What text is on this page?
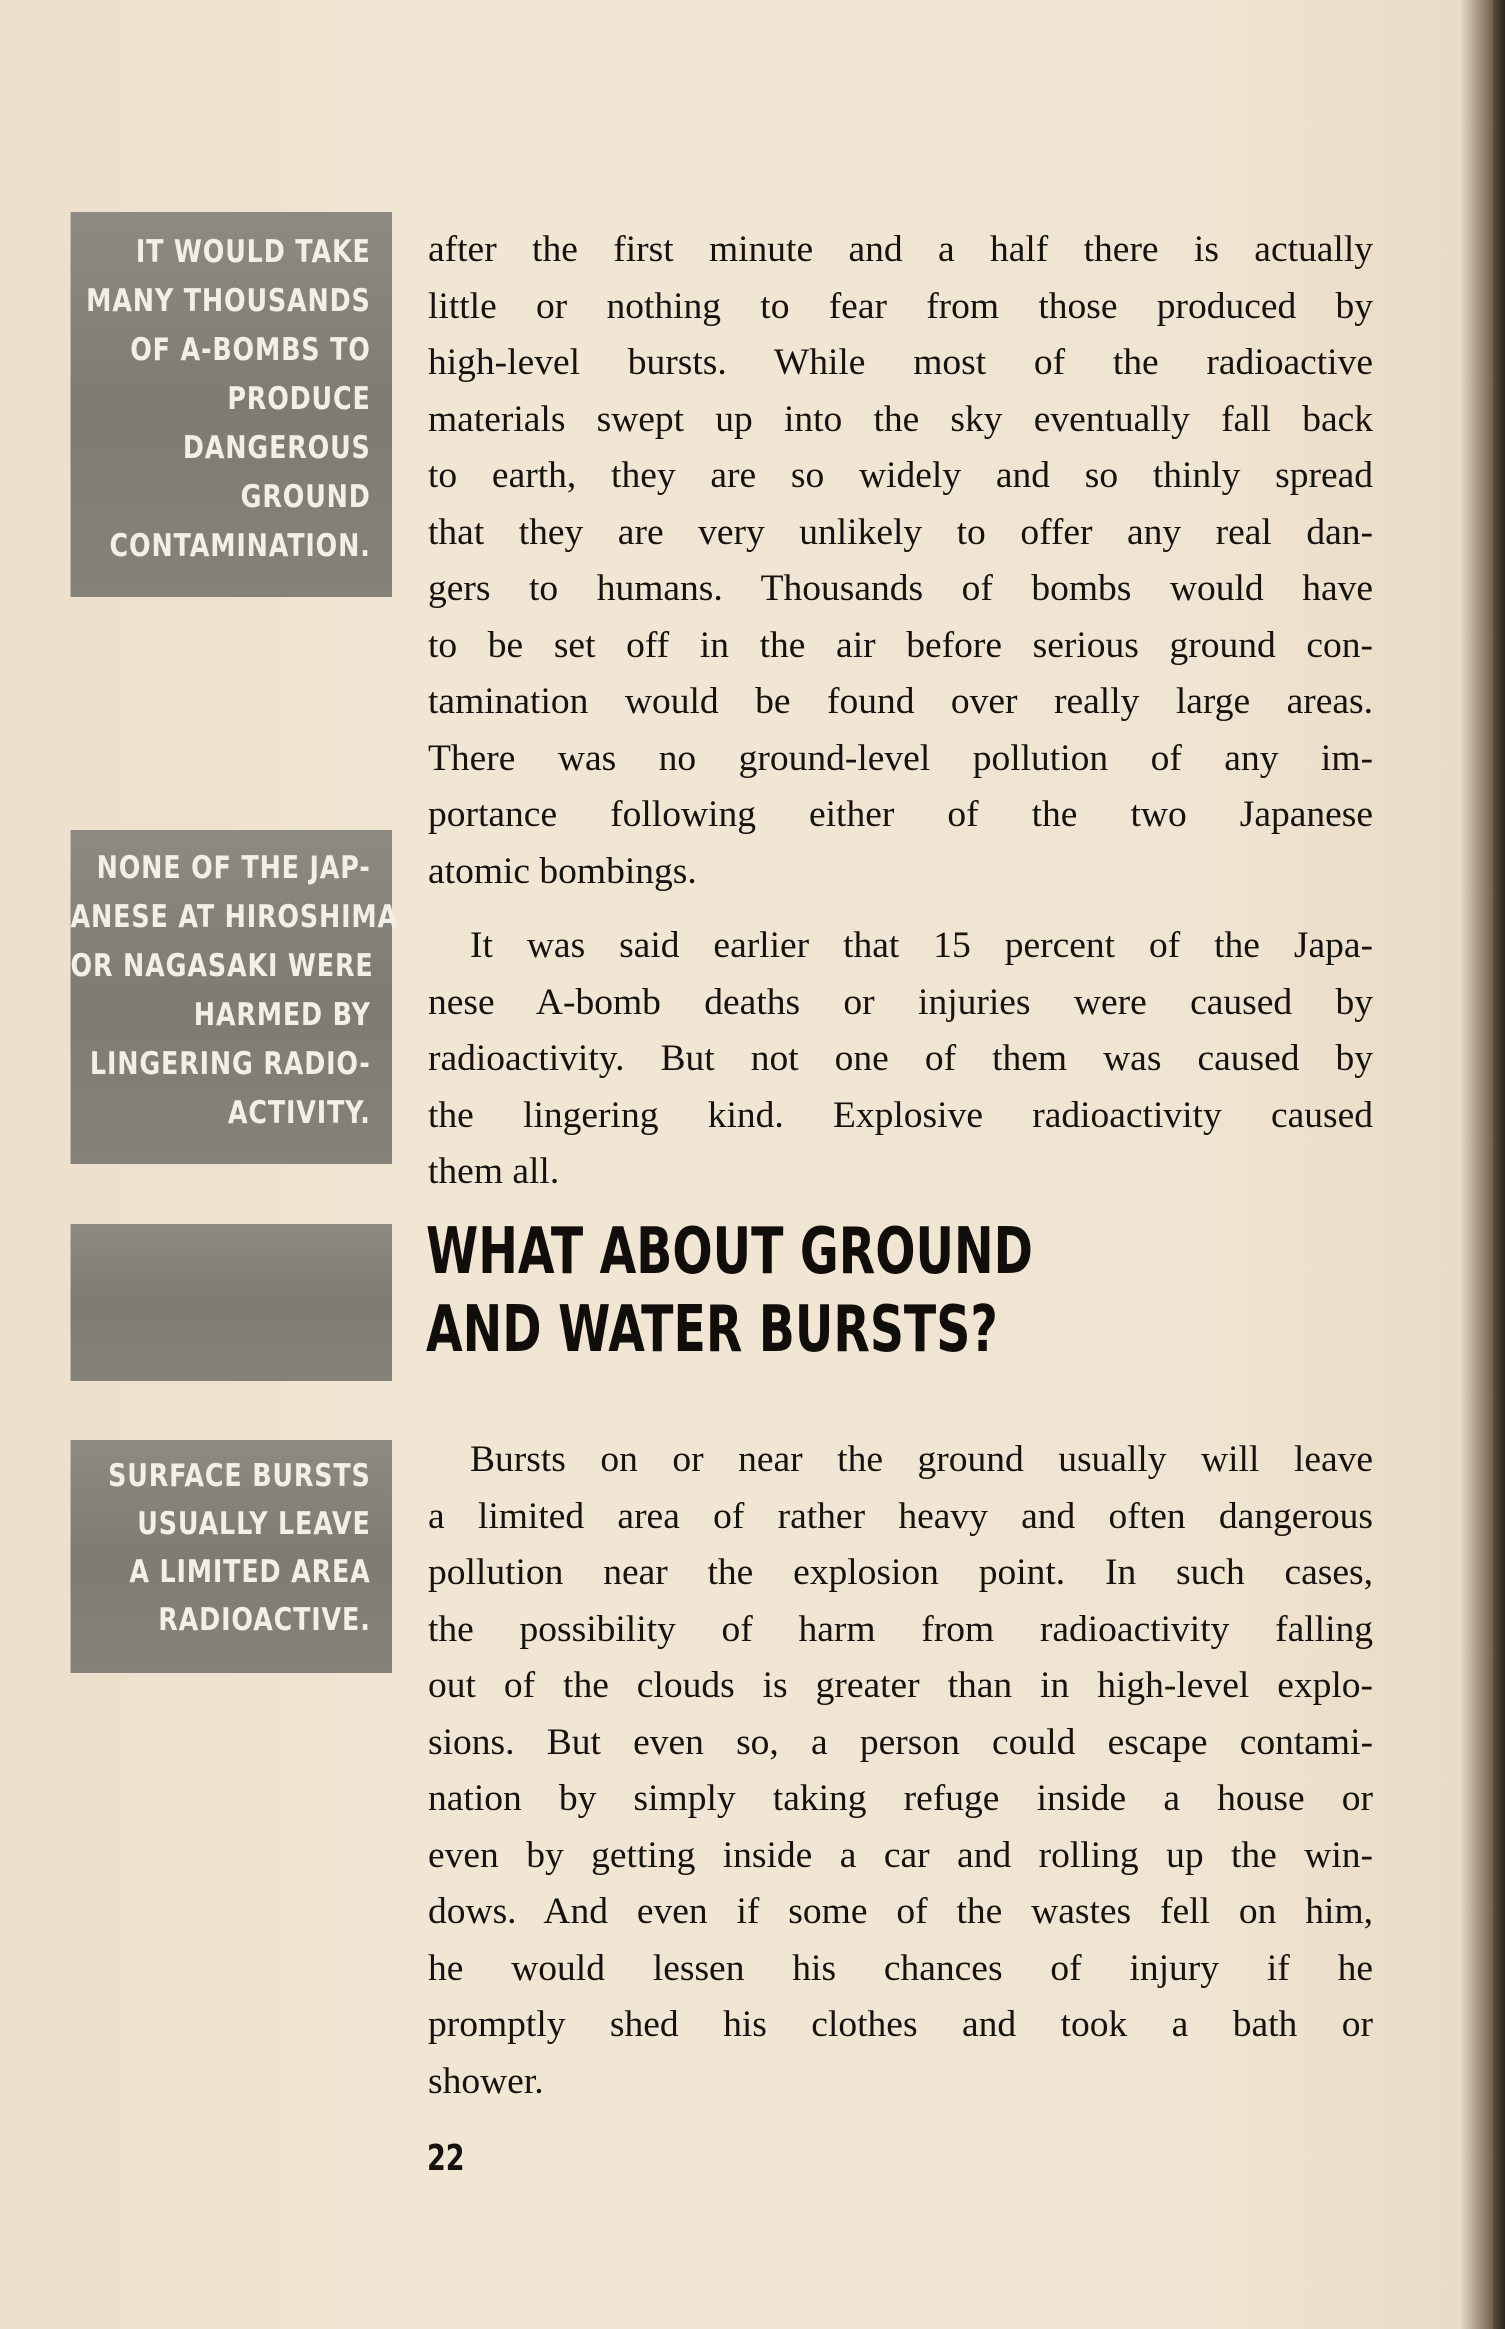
IT WOULD TAKE
MANY THOUSANDS
OF A-BOMBS TO
PRODUCE
DANGEROUS
GROUND
CONTAMINATION.
NONE OF THE JAP-
ANESE AT HIROSHIMA
OR NAGASAKI WERE
HARMED BY
LINGERING RADIO-
ACTIVITY.
SURFACE BURSTS
USUALLY LEAVE
A LIMITED AREA
RADIOACTIVE.

after the first minute and a half there is actually
little or nothing to fear from those produced by
high-level bursts. While most of the radioactive
materials swept up into the sky eventually fall back
to earth, they are so widely and so thinly spread
that they are very unlikely to offer any real dan-
gers to humans. Thousands of bombs would have
to be set off in the air before serious ground con-
tamination would be found over really large areas.
There was no ground-level pollution of any im-
portance following either of the two Japanese
atomic bombings.

It was said earlier that 15 percent of the Japa-
nese A-bomb deaths or injuries were caused by
radioactivity. But not one of them was caused by
the lingering kind. Explosive radioactivity caused
them all.

WHAT ABOUT GROUND
AND WATER BURSTS?

Bursts on or near the ground usually will leave
a limited area of rather heavy and often dangerous
pollution near the explosion point. In such cases,
the possibility of harm from radioactivity falling
out of the clouds is greater than in high-level explo-
sions. But even so, a person could escape contami-
nation by simply taking refuge inside a house or
even by getting inside a car and rolling up the win-
dows. And even if some of the wastes fell on him,
he would lessen his chances of injury if he
promptly shed his clothes and took a bath or
shower.

22
